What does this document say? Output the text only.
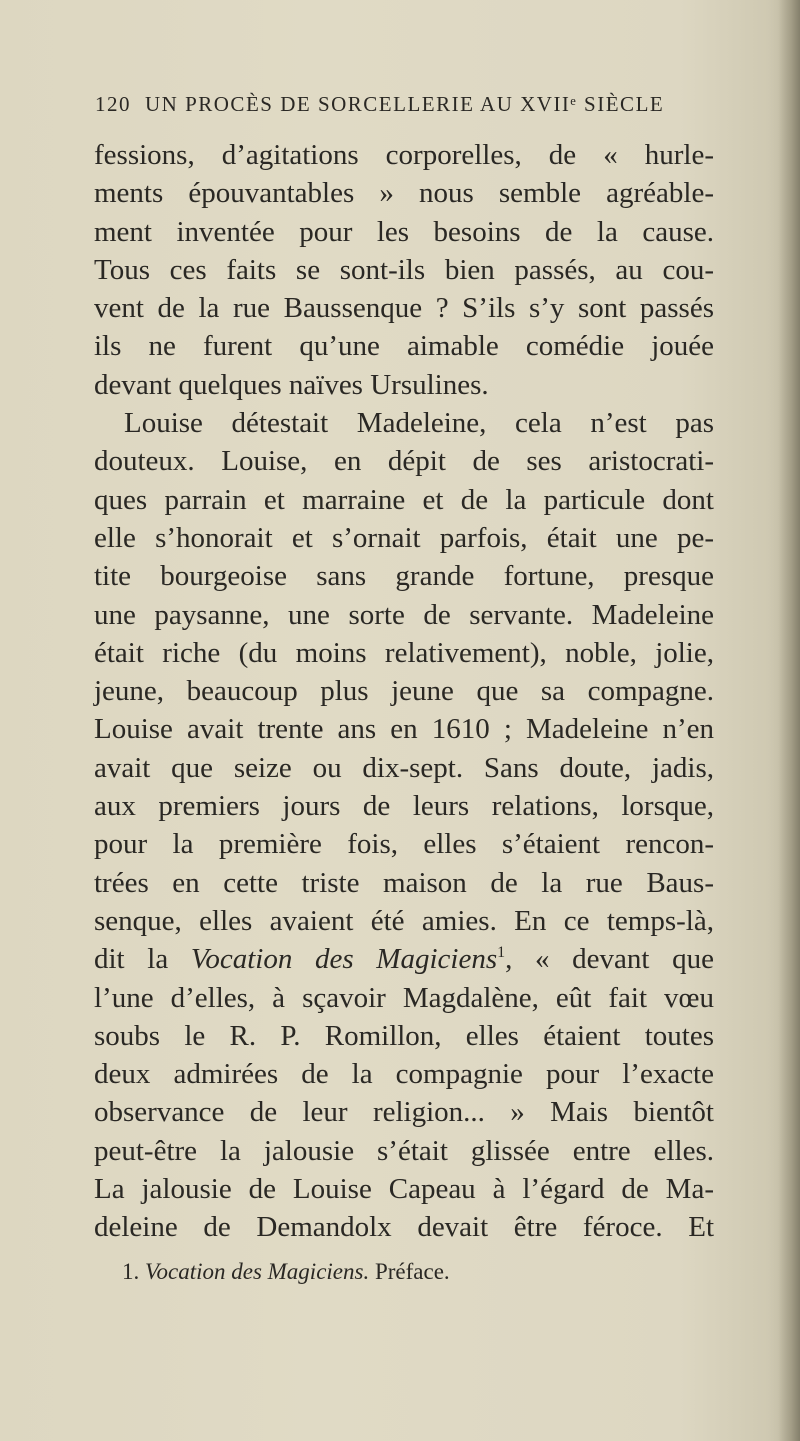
120 UN PROCÈS DE SORCELLERIE AU XVIIᵉ SIÈCLE
fessions, d’agitations corporelles, de « hurle-
ments épouvantables » nous semble agréable-
ment inventée pour les besoins de la cause.
Tous ces faits se sont-ils bien passés, au cou-
vent de la rue Baussenque ? S’ils s’y sont passés
ils ne furent qu’une aimable comédie jouée
devant quelques naïves Ursulines.
Louise détestait Madeleine, cela n’est pas
douteux. Louise, en dépit de ses aristocrati-
ques parrain et marraine et de la particule dont
elle s’honorait et s’ornait parfois, était une pe-
tite bourgeoise sans grande fortune, presque
une paysanne, une sorte de servante. Madeleine
était riche (du moins relativement), noble, jolie,
jeune, beaucoup plus jeune que sa compagne.
Louise avait trente ans en 1610 ; Madeleine n’en
avait que seize ou dix-sept. Sans doute, jadis,
aux premiers jours de leurs relations, lorsque,
pour la première fois, elles s’étaient rencon-
trées en cette triste maison de la rue Baus-
senque, elles avaient été amies. En ce temps-là,
dit la Vocation des Magiciens$^1$, « devant que
l’une d’elles, à sçavoir Magdalène, eût fait vœu
soubs le R. P. Romillon, elles étaient toutes
deux admirées de la compagnie pour l’exacte
observance de leur religion... » Mais bientôt
peut-être la jalousie s’était glissée entre elles.
La jalousie de Louise Capeau à l’égard de Ma-
deleine de Demandolx devait être féroce. Et
1. Vocation des Magiciens. Préface.
